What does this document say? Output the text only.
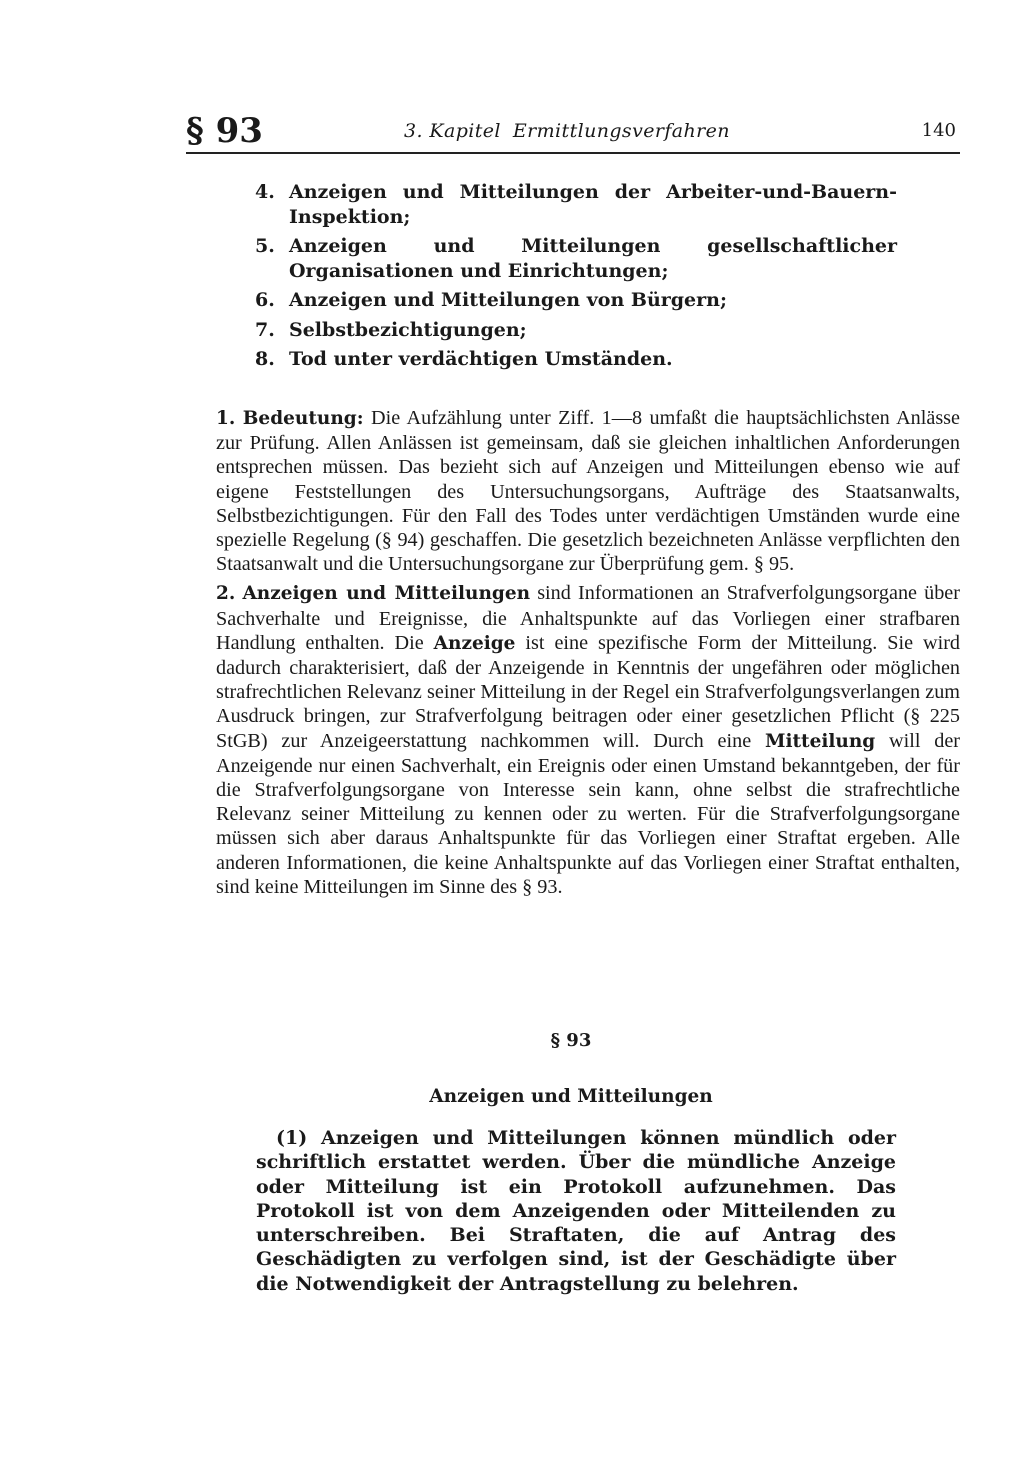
§ 93	3. Kapitel Ermittlungsverfahren	140
4. Anzeigen und Mitteilungen der Arbeiter-und-Bauern-Inspektion;
5. Anzeigen und Mitteilungen gesellschaftlicher Organisationen und Einrichtungen;
6. Anzeigen und Mitteilungen von Bürgern;
7. Selbstbezichtigungen;
8. Tod unter verdächtigen Umständen.

1. Bedeutung: Die Aufzählung unter Ziff. 1—8 umfaßt die hauptsächlichsten Anlässe zur Prüfung. Allen Anlässen ist gemeinsam, daß sie gleichen inhaltlichen Anforderungen entsprechen müssen. Das bezieht sich auf Anzeigen und Mitteilungen ebenso wie auf eigene Feststellungen des Untersuchungsorgans, Aufträge des Staatsanwalts, Selbstbezichtigungen. Für den Fall des Todes unter verdächtigen Umständen wurde eine spezielle Regelung (§ 94) geschaffen. Die gesetzlich bezeichneten Anlässe verpflichten den Staatsanwalt und die Untersuchungsorgane zur Überprüfung gem. § 95.

2. Anzeigen und Mitteilungen sind Informationen an Strafverfolgungsorgane über Sachverhalte und Ereignisse, die Anhaltspunkte auf das Vorliegen einer strafbaren Handlung enthalten. Die Anzeige ist eine spezifische Form der Mitteilung. Sie wird dadurch charakterisiert, daß der Anzeigende in Kenntnis der ungefähren oder möglichen strafrechtlichen Relevanz seiner Mitteilung in der Regel ein Strafverfolgungsverlangen zum Ausdruck bringen, zur Strafverfolgung beitragen oder einer gesetzlichen Pflicht (§ 225 StGB) zur Anzeigeerstattung nachkommen will. Durch eine Mitteilung will der Anzeigende nur einen Sachverhalt, ein Ereignis oder einen Umstand bekanntgeben, der für die Strafverfolgungsorgane von Interesse sein kann, ohne selbst die strafrechtliche Relevanz seiner Mitteilung zu kennen oder zu werten. Für die Strafverfolgungsorgane müssen sich aber daraus Anhaltspunkte für das Vorliegen einer Straftat ergeben. Alle anderen Informationen, die keine Anhaltspunkte auf das Vorliegen einer Straftat enthalten, sind keine Mitteilungen im Sinne des § 93.

§ 93
Anzeigen und Mitteilungen

(1) Anzeigen und Mitteilungen können mündlich oder schriftlich erstattet werden. Über die mündliche Anzeige oder Mitteilung ist ein Protokoll aufzunehmen. Das Protokoll ist von dem Anzeigenden oder Mitteilenden zu unterschreiben. Bei Straftaten, die auf Antrag des Geschädigten zu verfolgen sind, ist der Geschädigte über die Notwendigkeit der Antragstellung zu belehren.
